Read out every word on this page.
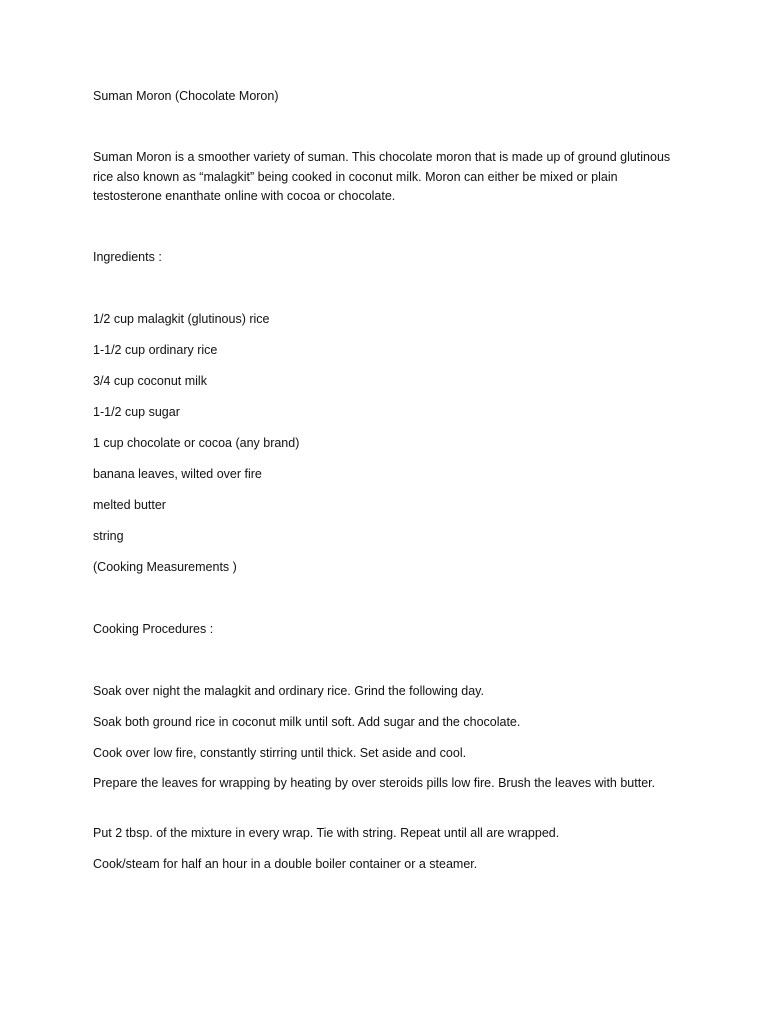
Suman Moron (Chocolate Moron)

Suman Moron is a smoother variety of suman. This chocolate moron that is made up of ground glutinous rice also known as “malagkit” being cooked in coconut milk. Moron can either be mixed or plain testosterone enanthate online with cocoa or chocolate.

Ingredients :
1/2 cup malagkit (glutinous) rice
1-1/2 cup ordinary rice
3/4 cup coconut milk
1-1/2 cup sugar
1 cup chocolate or cocoa (any brand)
banana leaves, wilted over fire
melted butter
string
(Cooking Measurements )
Cooking Procedures :
Soak over night the malagkit and ordinary rice. Grind the following day.
Soak both ground rice in coconut milk until soft. Add sugar and the chocolate.
Cook over low fire, constantly stirring until thick. Set aside and cool.

Prepare the leaves for wrapping by heating by over steroids pills low fire. Brush the leaves with butter.

Put 2 tbsp. of the mixture in every wrap. Tie with string. Repeat until all are wrapped.
Cook/steam for half an hour in a double boiler container or a steamer.
